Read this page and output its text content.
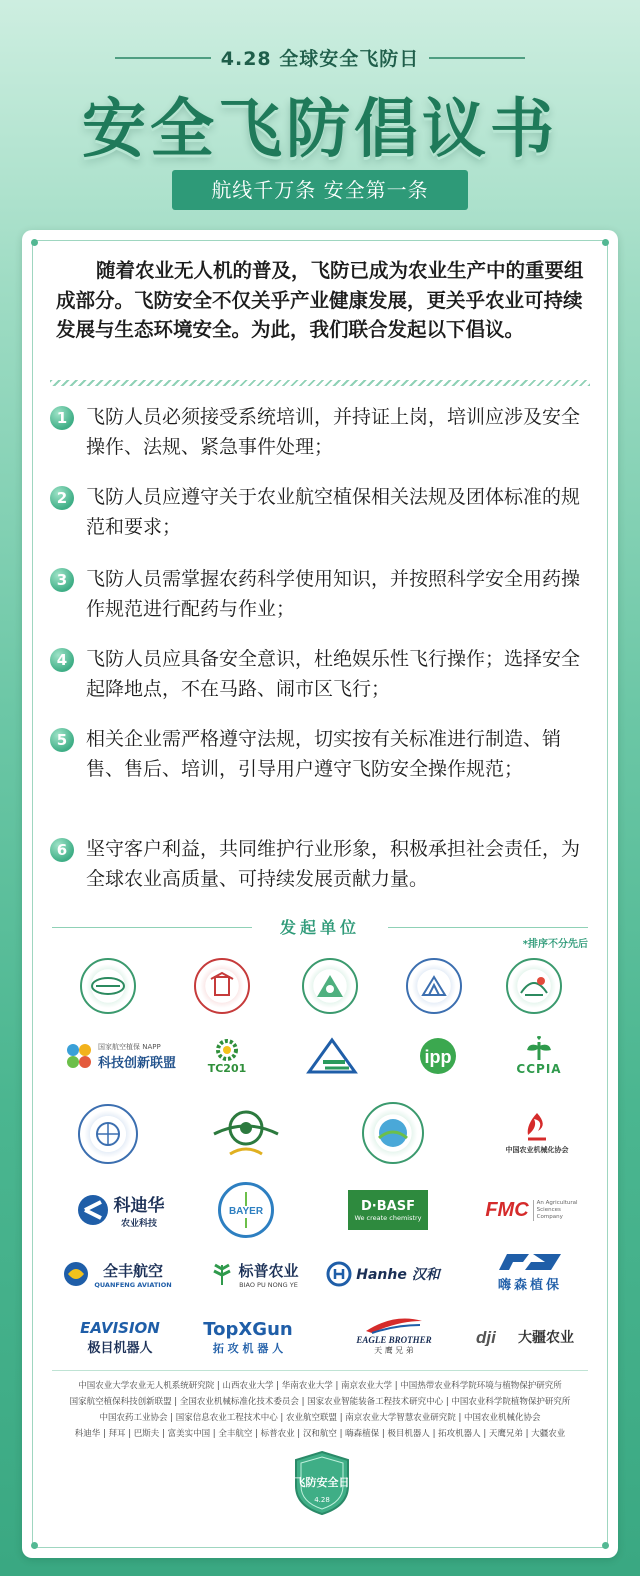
4.28 全球安全飞防日
安全飞防倡议书
航线千万条 安全第一条
随着农业无人机的普及，飞防已成为农业生产中的重要组成部分。飞防安全不仅关乎产业健康发展，更关乎农业可持续发展与生态环境安全。为此，我们联合发起以下倡议。
1 飞防人员必须接受系统培训，并持证上岗，培训应涉及安全操作、法规、紧急事件处理；
2 飞防人员应遵守关于农业航空植保相关法规及团体标准的规范和要求；
3 飞防人员需掌握农药科学使用知识，并按照科学安全用药操作规范进行配药与作业；
4 飞防人员应具备安全意识，杜绝娱乐性飞行操作；选择安全起降地点，不在马路、闹市区飞行；
5 相关企业需严格遵守法规，切实按有关标准进行制造、销售、售后、培训，引导用户遵守飞防安全操作规范；
6 坚守客户利益，共同维护行业形象，积极承担社会责任，为全球农业高质量、可持续发展贡献力量。
发起单位
*排序不分先后
国家航空植保 NAPP
科技创新联盟	TC201
ipp
CCPIA
中国农业机械化协会
科迪华
农业科技
BAYER	D·BASF
We create chemistry	FMC	An Agricultural Sciences Company
全丰航空
QUANFENG AVIATION
标普农业
BIAO PU NONG YE
Hanhe 汉和
嗨森植保
EAVISION
极目机器人
TopXGun
拓 攻 机 器 人
EAGLE BROTHER
天 鹰 兄 弟
dji 大疆农业
中国农业大学农业无人机系统研究院 | 山西农业大学 | 华南农业大学 | 南京农业大学 | 中国热带农业科学院环境与植物保护研究所
国家航空植保科技创新联盟 | 全国农业机械标准化技术委员会 | 国家农业智能装备工程技术研究中心 | 中国农业科学院植物保护研究所
中国农药工业协会 | 国家信息农业工程技术中心 | 农业航空联盟 | 南京农业大学智慧农业研究院 | 中国农业机械化协会
科迪华 | 拜耳 | 巴斯夫 | 富美实中国 | 全丰航空 | 标普农业 | 汉和航空 | 嗨森植保 | 极目机器人 | 拓攻机器人 | 天鹰兄弟 | 大疆农业
飞防安全日
4.28
